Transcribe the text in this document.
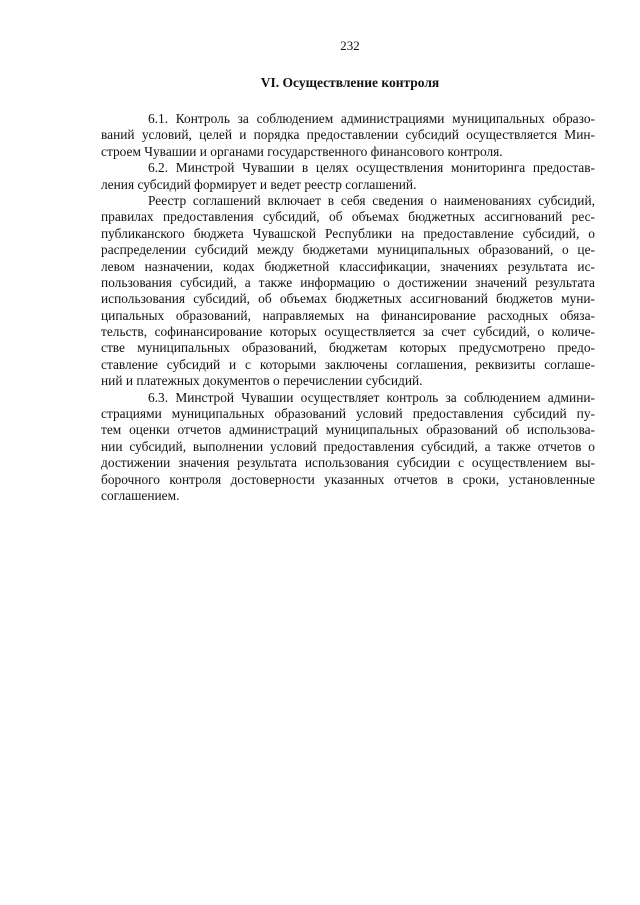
232
VI. Осуществление контроля
6.1. Контроль за соблюдением администрациями муниципальных образо-
ваний условий, целей и порядка предоставлении субсидий осуществляется Мин-
строем Чувашии и органами государственного финансового контроля.
6.2. Минстрой Чувашии в целях осуществления мониторинга предостав-
ления субсидий формирует и ведет реестр соглашений.
Реестр соглашений включает в себя сведения о наименованиях субсидий,
правилах предоставления субсидий, об объемах бюджетных ассигнований рес-
публиканского бюджета Чувашской Республики на предоставление субсидий, о
распределении субсидий между бюджетами муниципальных образований, о це-
левом назначении, кодах бюджетной классификации, значениях результата ис-
пользования субсидий, а также информацию о достижении значений результата
использования субсидий, об объемах бюджетных ассигнований бюджетов муни-
ципальных образований, направляемых на финансирование расходных обяза-
тельств, софинансирование которых осуществляется за счет субсидий, о количе-
стве муниципальных образований, бюджетам которых предусмотрено предо-
ставление субсидий и с которыми заключены соглашения, реквизиты соглаше-
ний и платежных документов о перечислении субсидий.
6.3. Минстрой Чувашии осуществляет контроль за соблюдением админи-
страциями муниципальных образований условий предоставления субсидий пу-
тем оценки отчетов администраций муниципальных образований об использова-
нии субсидий, выполнении условий предоставления субсидий, а также отчетов о
достижении значения результата использования субсидии с осуществлением вы-
борочного контроля достоверности указанных отчетов в сроки, установленные
соглашением.
